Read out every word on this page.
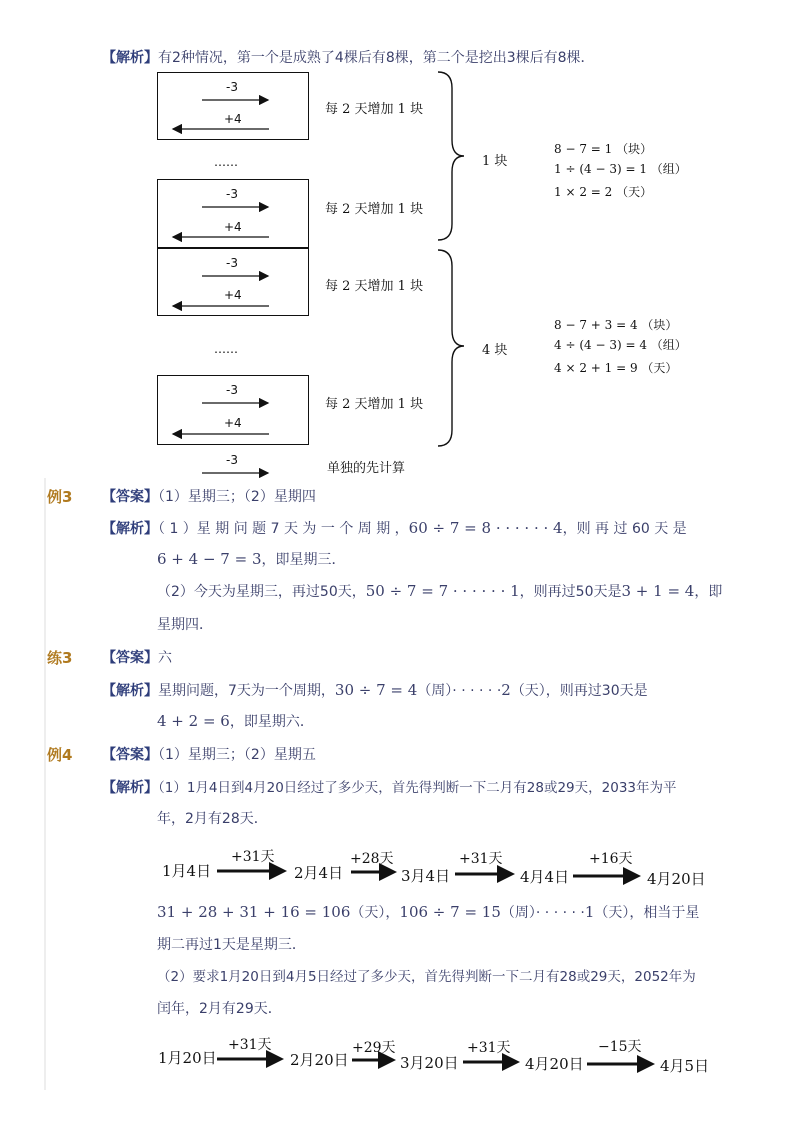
【解析】有2种情况，第一个是成熟了4棵后有8棵，第二个是挖出3棵后有8棵．
-3
+4
-3
+4
-3
+4
-3
+4
-3
……
……
每 2 天增加 1 块
每 2 天增加 1 块
每 2 天增加 1 块
每 2 天增加 1 块
单独的先计算
1 块
4 块
8 − 7 = 1 （块）
1 ÷ (4 − 3) = 1 （组）
1 × 2 = 2 （天）
8 − 7 + 3 = 4 （块）
4 ÷ (4 − 3) = 4 （组）
4 × 2 + 1 = 9 （天）
例3 【答案】（1）星期三；（2）星期四
【解析】（ 1 ）星 期 问 题 7 天 为 一 个 周 期 ，60 ÷ 7 = 8 · · · · · · 4，则 再 过 60 天 是
6 + 4 − 7 = 3，即星期三．
（2）今天为星期三，再过50天，50 ÷ 7 = 7 · · · · · · 1，则再过50天是3 + 1 = 4，即
星期四．
练3 【答案】六
【解析】星期问题，7天为一个周期，30 ÷ 7 = 4（周）· · · · · ·2（天），则再过30天是
4 + 2 = 6，即星期六．
例4 【答案】（1）星期三；（2）星期五
【解析】（1）1月4日到4月20日经过了多少天，首先得判断一下二月有28或29天，2033年为平
年，2月有28天．
1月4日	2月4日	3月4日	4月4日	4月20日
+31天	+28天	+31天	+16天
31 + 28 + 31 + 16 = 106（天），106 ÷ 7 = 15（周）· · · · · ·1（天），相当于星
期二再过1天是星期三．
（2）要求1月20日到4月5日经过了多少天，首先得判断一下二月有28或29天，2052年为
闰年，2月有29天．
1月20日	2月20日	3月20日	4月20日	4月5日
+31天	+29天	+31天	−15天
